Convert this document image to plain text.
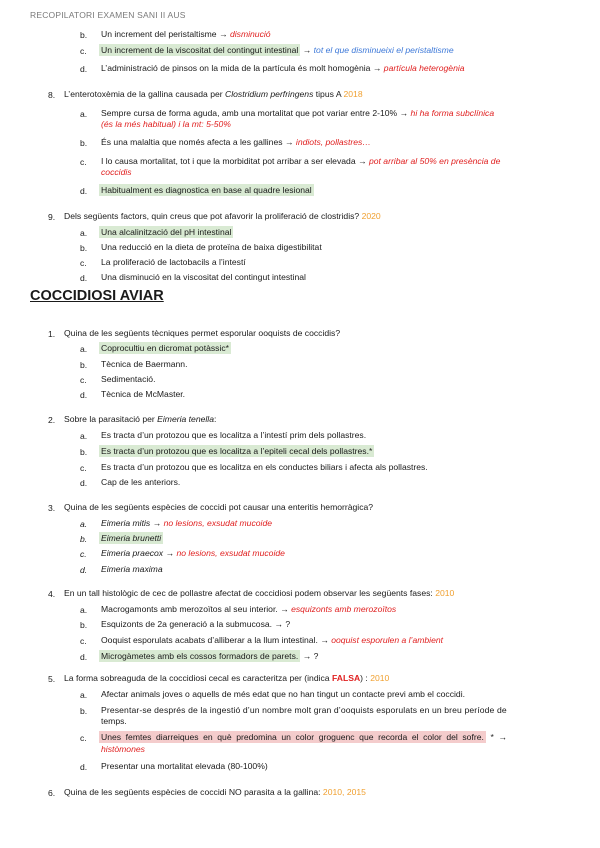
RECOPILATORI EXAMEN SANI II AUS
b. Un increment del peristaltisme → disminució
c. Un increment de la viscositat del contingut intestinal → tot el que disminueixi el peristaltisme
d. L’administració de pinsos on la mida de la partícula és molt homogènia → partícula heterogènia
8. L’enterotoxèmia de la gallina causada per Clostridium perfringens tipus A 2018
a. Sempre cursa de forma aguda, amb una mortalitat que pot variar entre 2-10% → hi ha forma subclínica
(és la més habitual) i la mt: 5-50%
b. És una malaltia que només afecta a les gallines → indiots, pollastres…
c. I lo causa mortalitat, tot i que la morbiditat pot arribar a ser elevada → pot arribar al 50% en presència de
coccidis
d. Habitualment es diagnostica en base al quadre lesional
9. Dels següents factors, quin creus que pot afavorir la proliferació de clostridis? 2020
a. Una alcalinització del pH intestinal
b. Una reducció en la dieta de proteïna de baixa digestibilitat
c. La proliferació de lactobacils a l’intestí
d. Una disminució en la viscositat del contingut intestinal
COCCIDIOSI AVIAR
1. Quina de les següents tècniques permet esporular ooquists de coccidis?
a. Coprocultiu en dicromat potàssic*
b. Tècnica de Baermann.
c. Sedimentació.
d. Tècnica de McMaster.
2. Sobre la parasitació per Eimeria tenella:
a. Es tracta d’un protozou que es localitza a l’intestí prim dels pollastres.
b. Es tracta d’un protozou que es localitza a l’epiteli cecal dels pollastres.*
c. Es tracta d’un protozou que es localitza en els conductes biliars i afecta als pollastres.
d. Cap de les anteriors.
3. Quina de les següents espècies de coccidi pot causar una enteritis hemorràgica?
a. Eimeria mitis → no lesions, exsudat mucoide
b. Eimeria brunetti
c. Eimeria praecox → no lesions, exsudat mucoide
d. Eimeria maxima
4. En un tall histològic de cec de pollastre afectat de coccidiosi podem observar les següents fases: 2010
a. Macrogamonts amb merozoïtos al seu interior. → esquizonts amb merozoïtos
b. Esquizonts de 2a generació a la submucosa. → ?
c. Ooquist esporulats acabats d’alliberar a la llum intestinal. → ooquist esporulen a l’ambient
d. Microgàmetes amb els cossos formadors de parets. → ?
5. La forma sobreaguda de la coccidiosi cecal es caracteritza per (indica FALSA) : 2010
a. Afectar animals joves o aquells de més edat que no han tingut un contacte previ amb el coccidi.
b. Presentar-se després de la ingestió d’un nombre molt gran d’ooquists esporulats en un breu període de
temps.
c. Unes femtes diarreiques en què predomina un color groguenc que recorda el color del sofre. * →
històmones
d. Presentar una mortalitat elevada (80-100%)
6. Quina de les següents espècies de coccidi NO parasita a la gallina: 2010, 2015
